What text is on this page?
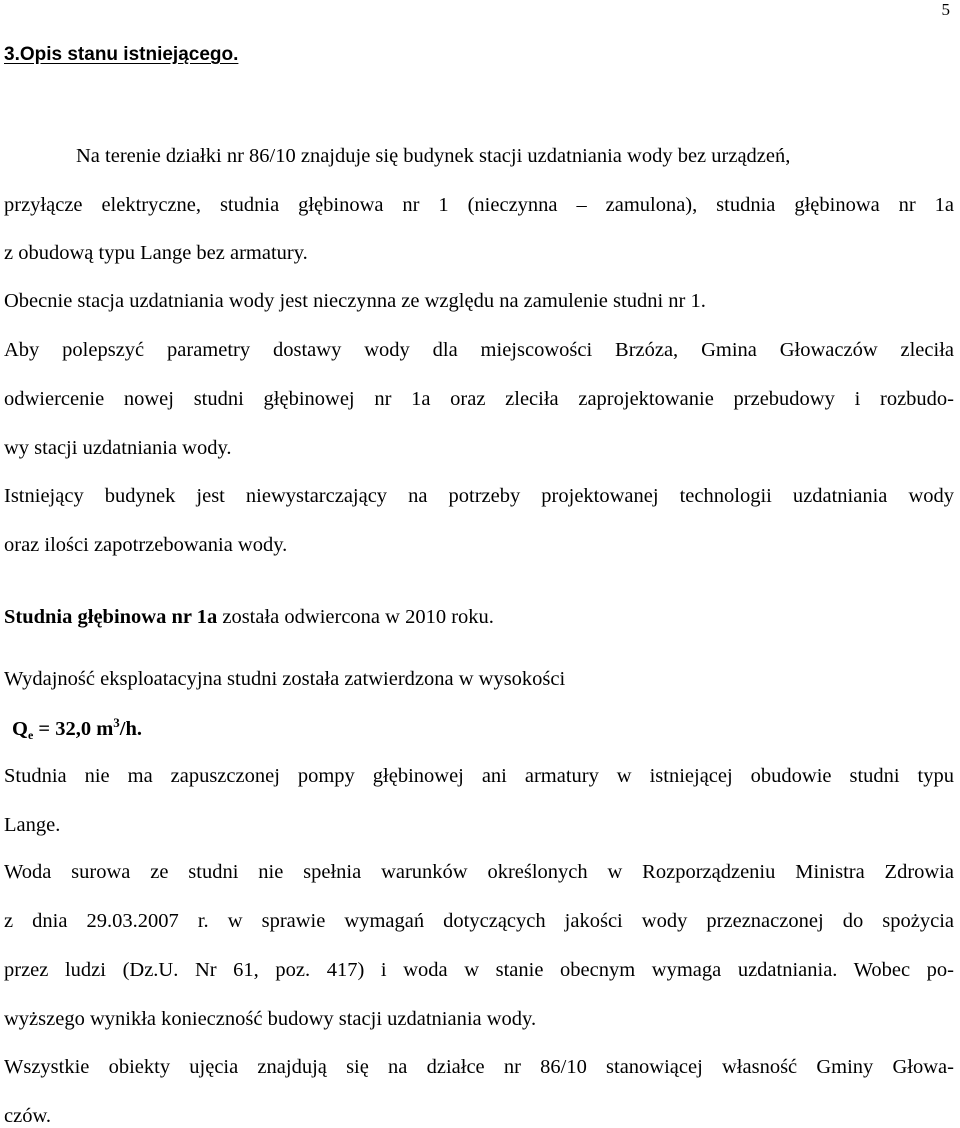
5
3.Opis stanu istniejącego.
Na terenie działki nr 86/10 znajduje się budynek stacji uzdatniania wody bez urządzeń,
przyłącze elektryczne, studnia głębinowa nr 1 (nieczynna – zamulona), studnia głębinowa nr 1a
z obudową typu Lange bez armatury.
Obecnie stacja uzdatniania wody jest nieczynna ze względu na zamulenie studni nr 1.
Aby polepszyć parametry dostawy wody dla miejscowości Brzóza, Gmina Głowaczów zleciła
odwiercenie nowej studni głębinowej nr 1a oraz zleciła zaprojektowanie przebudowy i rozbudo-
wy stacji uzdatniania wody.
Istniejący budynek jest niewystarczający na potrzeby projektowanej technologii uzdatniania wody
oraz ilości zapotrzebowania wody.
Studnia głębinowa nr 1a została odwiercona w 2010 roku.
Wydajność eksploatacyjna studni została zatwierdzona w wysokości
$Q_e = 32,0$ $m^3/h$.
Studnia nie ma zapuszczonej pompy głębinowej ani armatury w istniejącej obudowie studni typu
Lange.
Woda surowa ze studni nie spełnia warunków określonych w Rozporządzeniu Ministra Zdrowia
z dnia 29.03.2007 r. w sprawie wymagań dotyczących jakości wody przeznaczonej do spożycia
przez ludzi (Dz.U. Nr 61, poz. 417) i woda w stanie obecnym wymaga uzdatniania. Wobec po-
wyższego wynikła konieczność budowy stacji uzdatniania wody.
Wszystkie obiekty ujęcia znajdują się na działce nr 86/10 stanowiącej własność Gminy Głowa-
czów.
